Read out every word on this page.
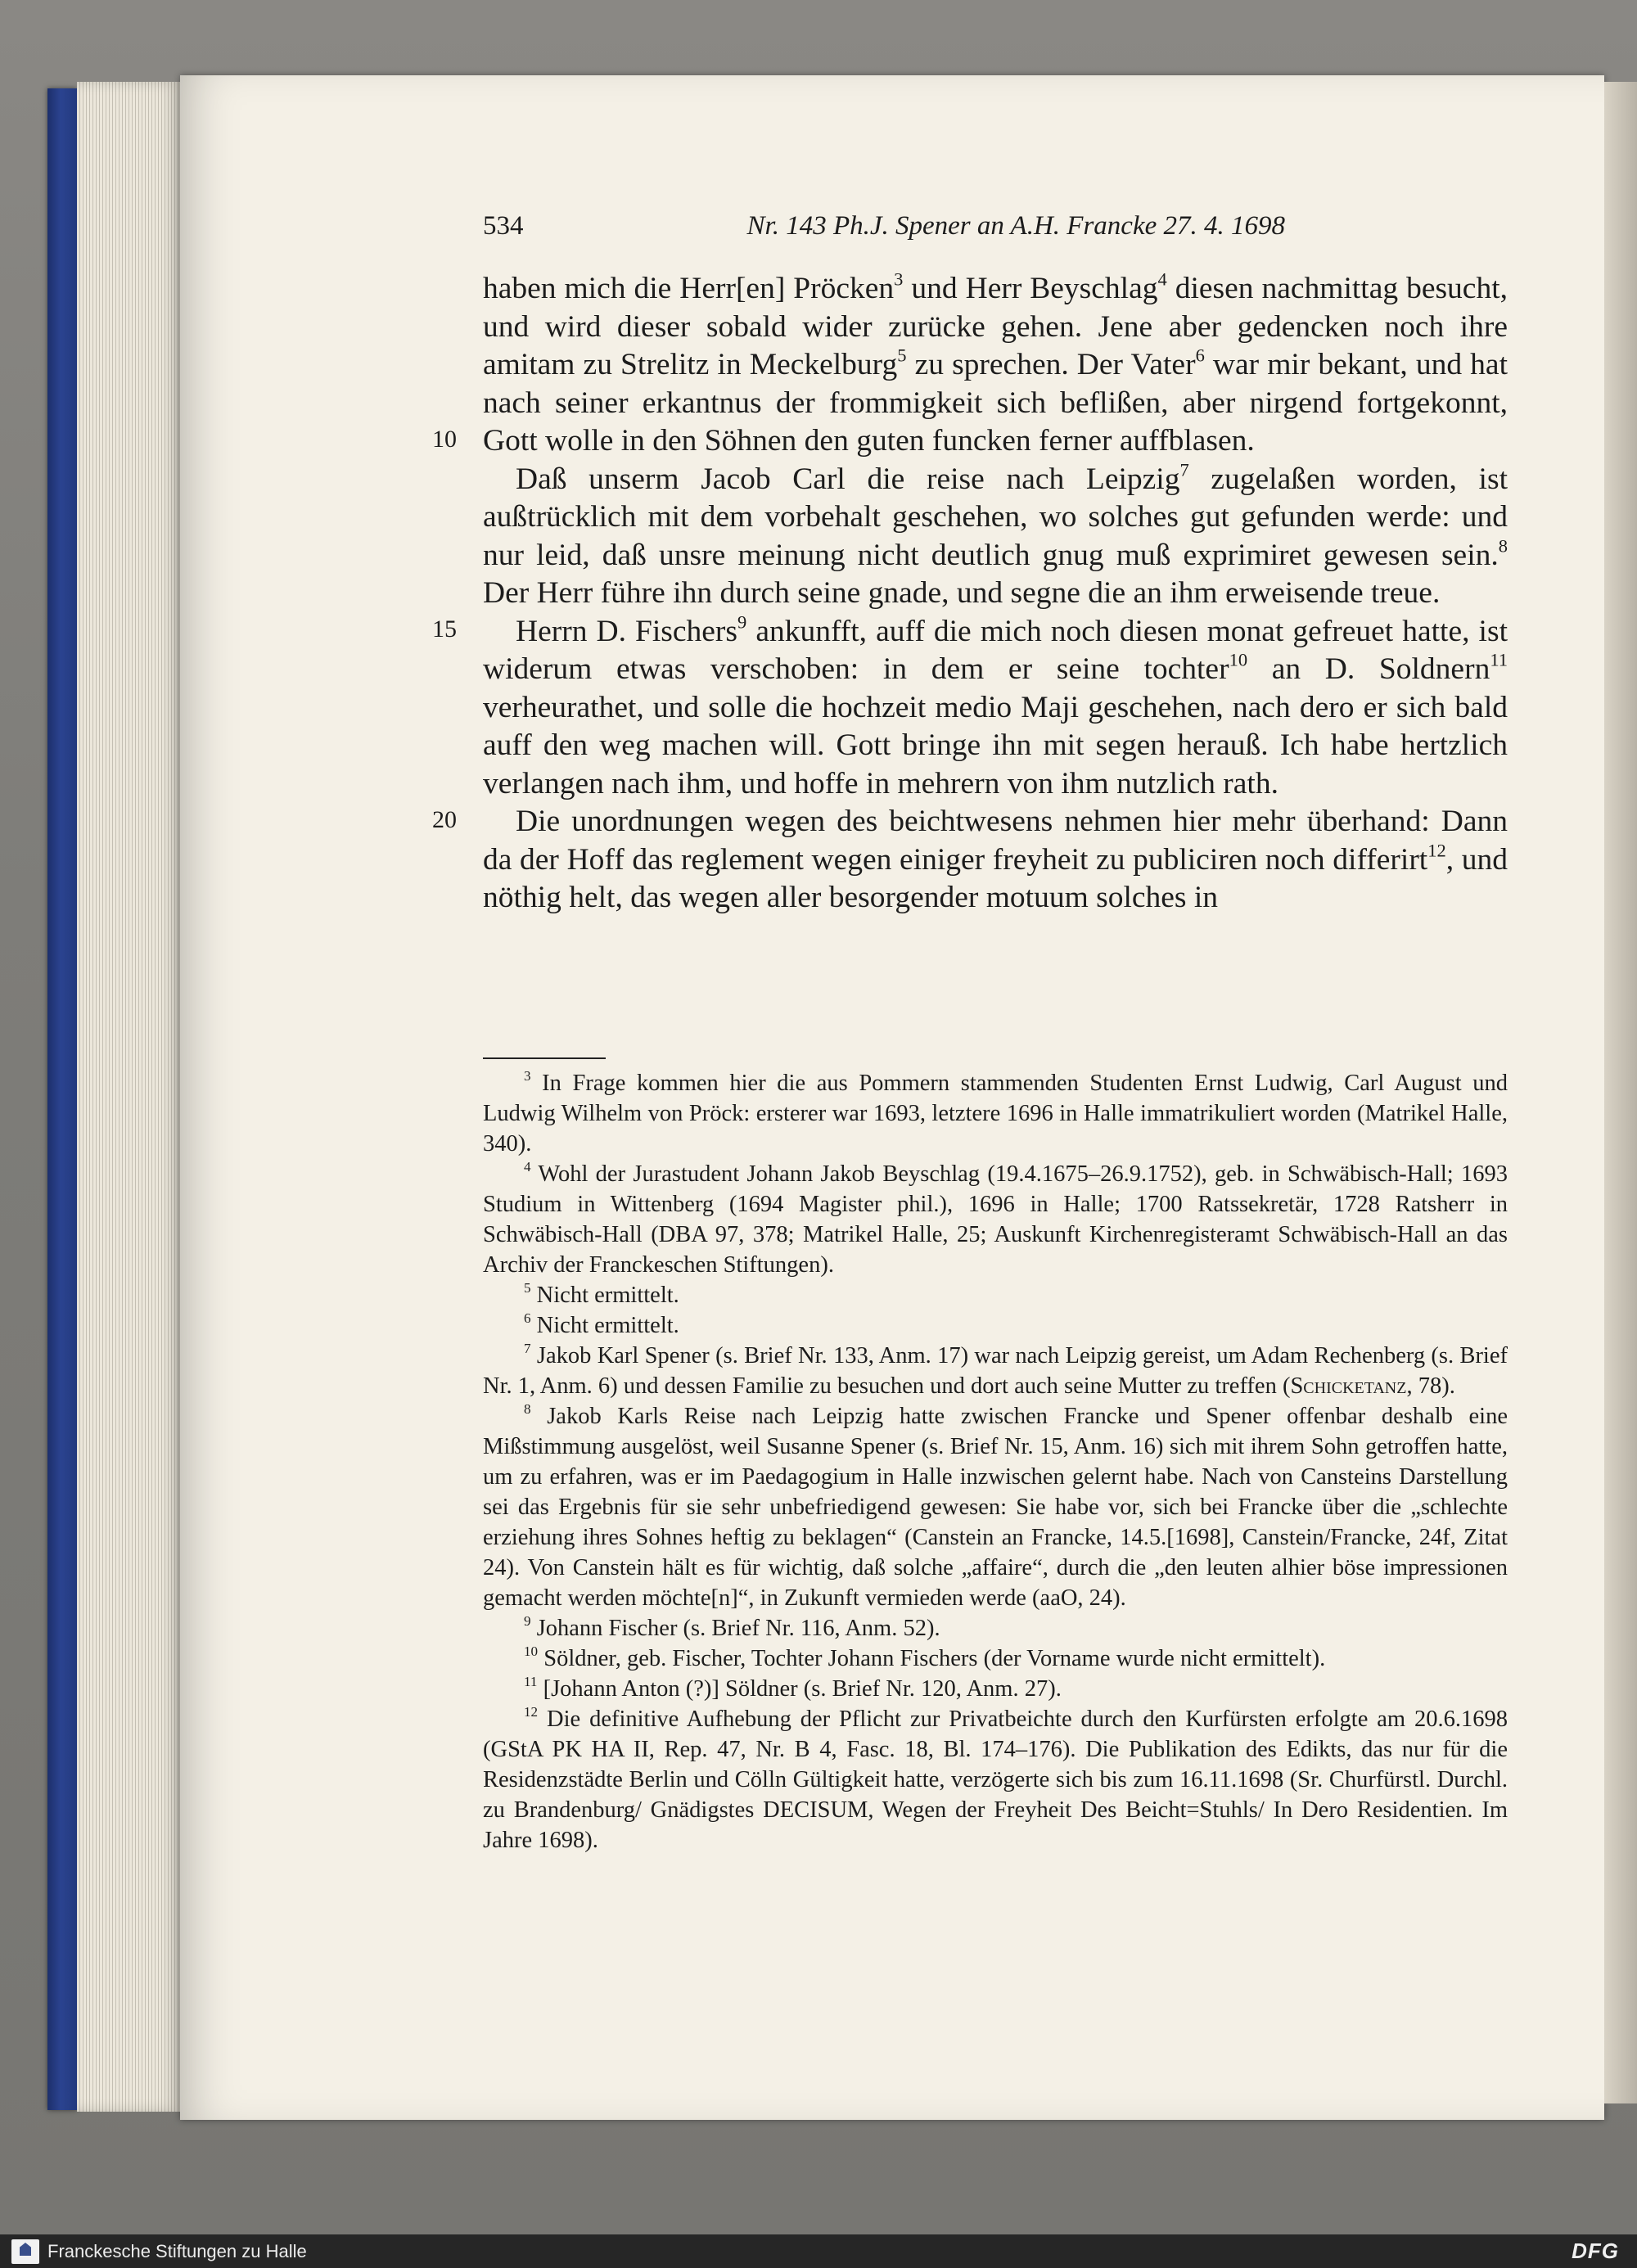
534	Nr. 143 Ph.J. Spener an A.H. Francke 27. 4. 1698
10
15
20

haben mich die Herr[en] Pröcken$^3$ und Herr Beyschlag$^4$ diesen nachmittag besucht, und wird dieser sobald wider zurücke gehen. Jene aber gedencken noch ihre amitam zu Strelitz in Meckelburg$^5$ zu sprechen. Der Vater$^6$ war mir bekant, und hat nach seiner erkantnus der frommigkeit sich beflißen, aber nirgend fortgekonnt, Gott wolle in den Söhnen den guten funcken ferner auffblasen.

Daß unserm Jacob Carl die reise nach Leipzig$^7$ zugelaßen worden, ist außtrücklich mit dem vorbehalt geschehen, wo solches gut gefunden werde: und nur leid, daß unsre meinung nicht deutlich gnug muß exprimiret gewesen sein.$^8$ Der Herr führe ihn durch seine gnade, und segne die an ihm erweisende treue.

Herrn D. Fischers$^9$ ankunfft, auff die mich noch diesen monat gefreuet hatte, ist widerum etwas verschoben: in dem er seine tochter$^{10}$ an D. Soldnern$^{11}$ verheurathet, und solle die hochzeit medio Maji geschehen, nach dero er sich bald auff den weg machen will. Gott bringe ihn mit segen herauß. Ich habe hertzlich verlangen nach ihm, und hoffe in mehrern von ihm nutzlich rath.

Die unordnungen wegen des beichtwesens nehmen hier mehr überhand: Dann da der Hoff das reglement wegen einiger freyheit zu publiciren noch differirt$^{12}$, und nöthig helt, das wegen aller besorgender motuum solches in

$^3$ In Frage kommen hier die aus Pommern stammenden Studenten Ernst Ludwig, Carl August und Ludwig Wilhelm von Pröck: ersterer war 1693, letztere 1696 in Halle immatrikuliert worden (Matrikel Halle, 340).

$^4$ Wohl der Jurastudent Johann Jakob Beyschlag (19.4.1675–26.9.1752), geb. in Schwäbisch-Hall; 1693 Studium in Wittenberg (1694 Magister phil.), 1696 in Halle; 1700 Ratssekretär, 1728 Ratsherr in Schwäbisch-Hall (DBA 97, 378; Matrikel Halle, 25; Auskunft Kirchenregisteramt Schwäbisch-Hall an das Archiv der Franckeschen Stiftungen).

$^5$ Nicht ermittelt.

$^6$ Nicht ermittelt.

$^7$ Jakob Karl Spener (s. Brief Nr. 133, Anm. 17) war nach Leipzig gereist, um Adam Rechenberg (s. Brief Nr. 1, Anm. 6) und dessen Familie zu besuchen und dort auch seine Mutter zu treffen (Schicketanz, 78).

$^8$ Jakob Karls Reise nach Leipzig hatte zwischen Francke und Spener offenbar deshalb eine Mißstimmung ausgelöst, weil Susanne Spener (s. Brief Nr. 15, Anm. 16) sich mit ihrem Sohn getroffen hatte, um zu erfahren, was er im Paedagogium in Halle inzwischen gelernt habe. Nach von Cansteins Darstellung sei das Ergebnis für sie sehr unbefriedigend gewesen: Sie habe vor, sich bei Francke über die „schlechte erziehung ihres Sohnes heftig zu beklagen“ (Canstein an Francke, 14.5.[1698], Canstein/Francke, 24f, Zitat 24). Von Canstein hält es für wichtig, daß solche „affaire“, durch die „den leuten alhier böse impressionen gemacht werden möchte[n]“, in Zukunft vermieden werde (aaO, 24).

$^9$ Johann Fischer (s. Brief Nr. 116, Anm. 52).

$^{10}$ Söldner, geb. Fischer, Tochter Johann Fischers (der Vorname wurde nicht ermittelt).

$^{11}$ [Johann Anton (?)] Söldner (s. Brief Nr. 120, Anm. 27).

$^{12}$ Die definitive Aufhebung der Pflicht zur Privatbeichte durch den Kurfürsten erfolgte am 20.6.1698 (GStA PK HA II, Rep. 47, Nr. B 4, Fasc. 18, Bl. 174–176). Die Publikation des Edikts, das nur für die Residenzstädte Berlin und Cölln Gültigkeit hatte, verzögerte sich bis zum 16.11.1698 (Sr. Churfürstl. Durchl. zu Brandenburg/ Gnädigstes DECISUM, Wegen der Freyheit Des Beicht=Stuhls/ In Dero Residentien. Im Jahre 1698).

Franckesche Stiftungen zu Halle	DFG
